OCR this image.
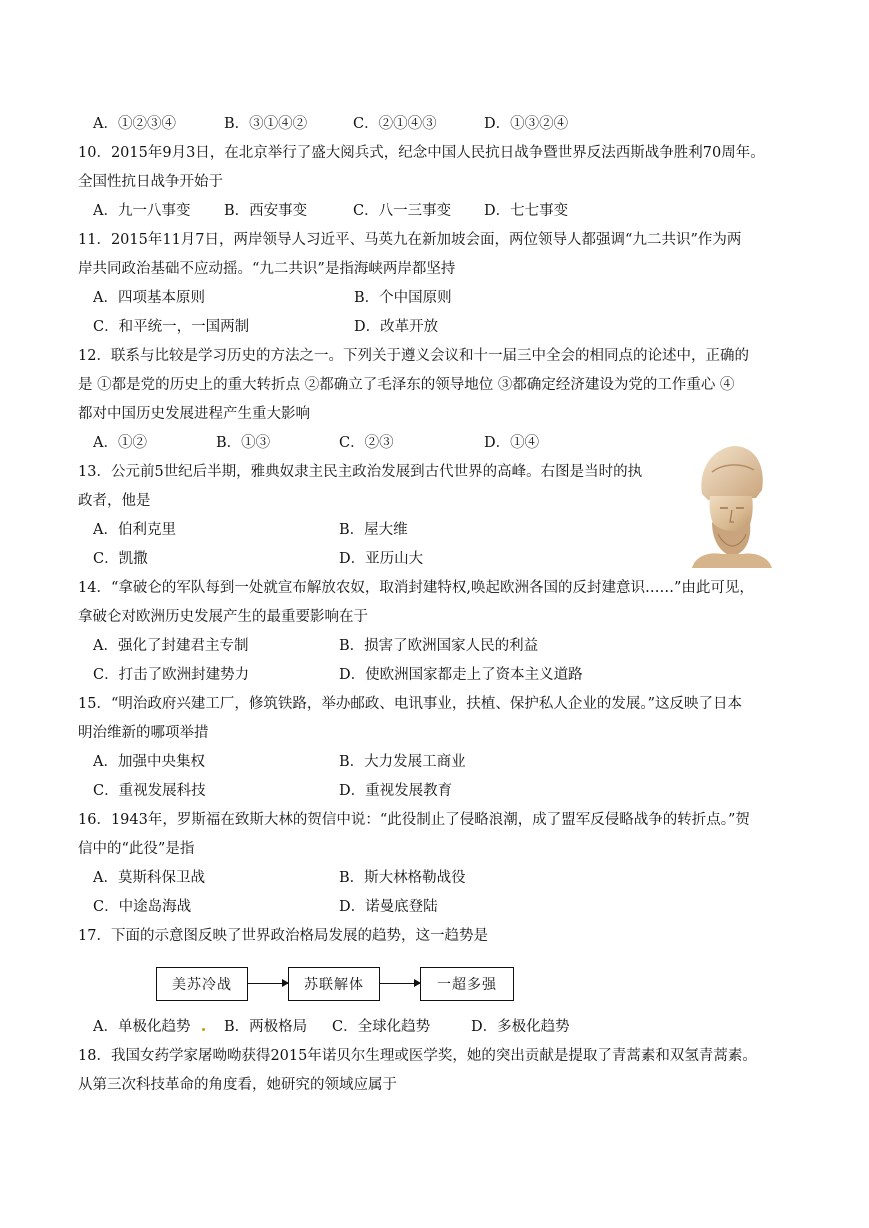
A．①②③④	B．③①④②	C．②①④③	D．①③②④
10．2015年9月3日，在北京举行了盛大阅兵式，纪念中国人民抗日战争暨世界反法西斯战争胜利70周年。
全国性抗日战争开始于
A．九一八事变 B．西安事变	C．八一三事变 D．七七事变
11．2015年11月7日，两岸领导人习近平、马英九在新加坡会面，两位领导人都强调“九二共识”作为两
岸共同政治基础不应动摇。“九二共识”是指海峡两岸都坚持
A．四项基本原则	B．个中国原则
C．和平统一，一国两制	D．改革开放
12．联系与比较是学习历史的方法之一。下列关于遵义会议和十一届三中全会的相同点的论述中，正确的
是 ①都是党的历史上的重大转折点 ②都确立了毛泽东的领导地位 ③都确定经济建设为党的工作重心 ④
都对中国历史发展进程产生重大影响
A．①②	B．①③	C．②③	D．①④
13．公元前5世纪后半期，雅典奴隶主民主政治发展到古代世界的高峰。右图是当时的执
政者，他是
A．伯利克里	B．屋大维
C．凯撒	D．亚历山大
14．“拿破仑的军队每到一处就宣布解放农奴，取消封建特权,唤起欧洲各国的反封建意识……”由此可见，
拿破仑对欧洲历史发展产生的最重要影响在于
A．强化了封建君主专制	B．损害了欧洲国家人民的利益
C．打击了欧洲封建势力	D．使欧洲国家都走上了资本主义道路
15．“明治政府兴建工厂，修筑铁路，举办邮政、电讯事业，扶植、保护私人企业的发展。”这反映了日本
明治维新的哪项举措
A．加强中央集权	B．大力发展工商业
C．重视发展科技	D．重视发展教育
16．1943年，罗斯福在致斯大林的贺信中说：“此役制止了侵略浪潮，成了盟军反侵略战争的转折点。”贺
信中的“此役”是指
A．莫斯科保卫战	B．斯大林格勒战役
C．中途岛海战	D．诺曼底登陆
17．下面的示意图反映了世界政治格局发展的趋势，这一趋势是
美苏冷战	苏联解体	一超多强
A．单极化趋势 B．两极格局 C．全球化趋势	D．多极化趋势
18．我国女药学家屠呦呦获得2015年诺贝尔生理或医学奖，她的突出贡献是提取了青蒿素和双氢青蒿素。
从第三次科技革命的角度看，她研究的领域应属于
